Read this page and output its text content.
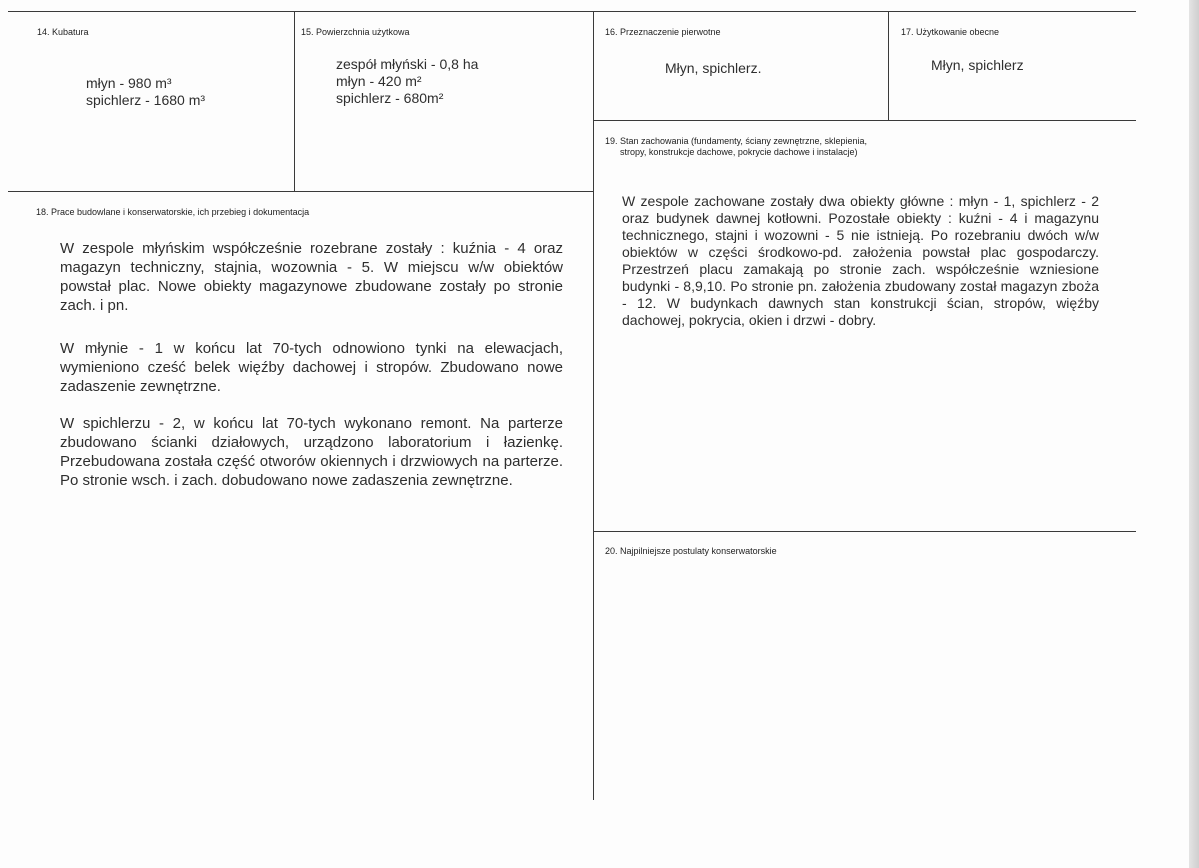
14. Kubatura
młyn - 980 m³
spichlerz - 1680 m³
15. Powierzchnia użytkowa
zespół młyński - 0,8 ha
młyn - 420 m²
spichlerz - 680m²
16. Przeznaczenie pierwotne
Młyn, spichlerz.
17. Użytkowanie obecne
Młyn, spichlerz
18. Prace budowlane i konserwatorskie, ich przebieg i dokumentacja

W zespole młyńskim współcześnie rozebrane zostały : kuźnia - 4 oraz magazyn techniczny, stajnia, wozownia - 5. W miejscu w/w obiektów powstał plac. Nowe obiekty magazynowe zbudowane zostały po stronie zach. i pn.

W młynie - 1 w końcu lat 70-tych odnowiono tynki na elewacjach, wymieniono cześć belek więźby dachowej i stropów. Zbudowano nowe zadaszenie zewnętrzne.

W spichlerzu - 2, w końcu lat 70-tych wykonano remont. Na parterze zbudowano ścianki działowych, urządzono laboratorium i łazienkę. Przebudowana została część otworów okiennych i drzwiowych na parterze. Po stronie wsch. i zach. dobudowano nowe zadaszenia zewnętrzne.

19. Stan zachowania (fundamenty, ściany zewnętrzne, sklepienia,
stropy, konstrukcje dachowe, pokrycie dachowe i instalacje)

W zespole zachowane zostały dwa obiekty główne : młyn - 1, spichlerz - 2 oraz budynek dawnej kotłowni. Pozostałe obiekty : kuźni - 4 i magazynu technicznego, stajni i wozowni - 5 nie istnieją. Po rozebraniu dwóch w/w obiektów w części środkowo-pd. założenia powstał plac gospodarczy. Przestrzeń placu zamakają po stronie zach. współcześnie wzniesione budynki - 8,9,10. Po stronie pn. założenia zbudowany został magazyn zboża - 12. W budynkach dawnych stan konstrukcji ścian, stropów, więźby dachowej, pokrycia, okien i drzwi - dobry.

20. Najpilniejsze postulaty konserwatorskie
